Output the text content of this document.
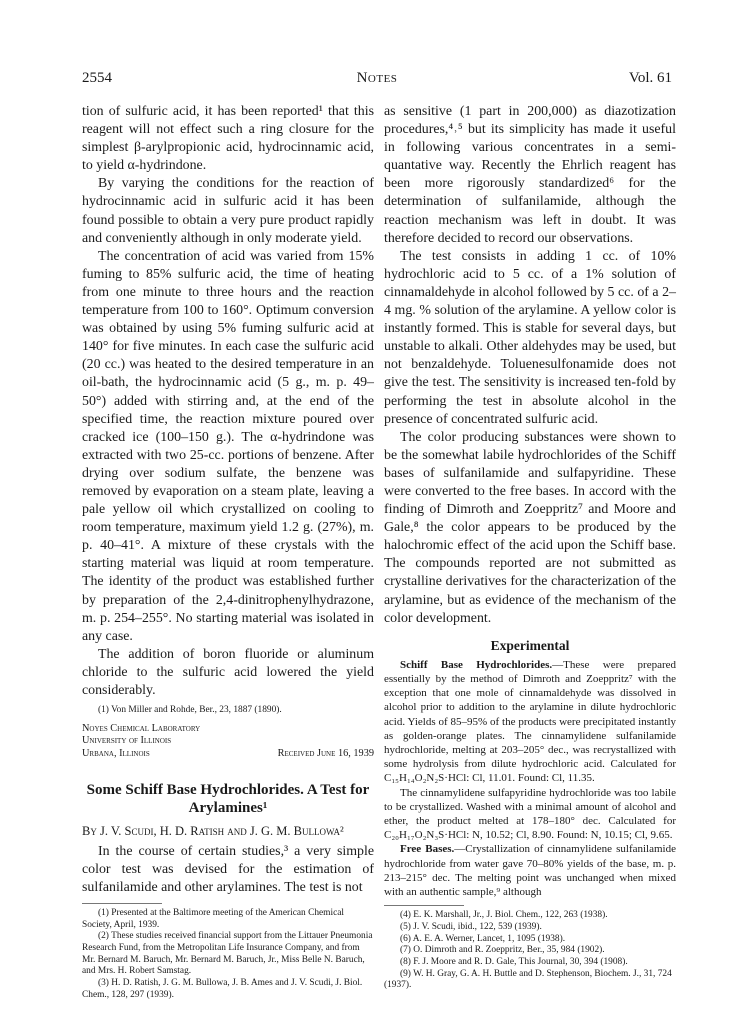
2554	Notes	Vol. 61

tion of sulfuric acid, it has been reported¹ that this reagent will not effect such a ring closure for the simplest β-arylpropionic acid, hydrocinnamic acid, to yield α-hydrindone.

By varying the conditions for the reaction of hydrocinnamic acid in sulfuric acid it has been found possible to obtain a very pure product rapidly and conveniently although in only moderate yield.

The concentration of acid was varied from 15% fuming to 85% sulfuric acid, the time of heating from one minute to three hours and the reaction temperature from 100 to 160°. Optimum conversion was obtained by using 5% fuming sulfuric acid at 140° for five minutes. In each case the sulfuric acid (20 cc.) was heated to the desired temperature in an oil-bath, the hydrocinnamic acid (5 g., m. p. 49–50°) added with stirring and, at the end of the specified time, the reaction mixture poured over cracked ice (100–150 g.). The α-hydrindone was extracted with two 25-cc. portions of benzene. After drying over sodium sulfate, the benzene was removed by evaporation on a steam plate, leaving a pale yellow oil which crystallized on cooling to room temperature, maximum yield 1.2 g. (27%), m. p. 40–41°. A mixture of these crystals with the starting material was liquid at room temperature. The identity of the product was established further by preparation of the 2,4-dinitrophenylhydrazone, m. p. 254–255°. No starting material was isolated in any case.

The addition of boron fluoride or aluminum chloride to the sulfuric acid lowered the yield considerably.

(1) Von Miller and Rohde, Ber., 23, 1887 (1890).

Noyes Chemical Laboratory
University of Illinois
Urbana, Illinois	Received June 16, 1939
Some Schiff Base Hydrochlorides. A Test for Arylamines¹
By J. V. Scudi, H. D. Ratish and J. G. M. Bullowa²

In the course of certain studies,³ a very simple color test was devised for the estimation of sulfanilamide and other arylamines. The test is not

(1) Presented at the Baltimore meeting of the American Chemical Society, April, 1939.

(2) These studies received financial support from the Littauer Pneumonia Research Fund, from the Metropolitan Life Insurance Company, and from Mr. Bernard M. Baruch, Mr. Bernard M. Baruch, Jr., Miss Belle N. Baruch, and Mrs. H. Robert Samstag.

(3) H. D. Ratish, J. G. M. Bullowa, J. B. Ames and J. V. Scudi, J. Biol. Chem., 128, 297 (1939).

as sensitive (1 part in 200,000) as diazotization procedures,⁴˒⁵ but its simplicity has made it useful in following various concentrates in a semi-quantative way. Recently the Ehrlich reagent has been more rigorously standardized⁶ for the determination of sulfanilamide, although the reaction mechanism was left in doubt. It was therefore decided to record our observations.

The test consists in adding 1 cc. of 10% hydrochloric acid to 5 cc. of a 1% solution of cinnamaldehyde in alcohol followed by 5 cc. of a 2–4 mg. % solution of the arylamine. A yellow color is instantly formed. This is stable for several days, but unstable to alkali. Other aldehydes may be used, but not benzaldehyde. Toluenesulfonamide does not give the test. The sensitivity is increased ten-fold by performing the test in absolute alcohol in the presence of concentrated sulfuric acid.

The color producing substances were shown to be the somewhat labile hydrochlorides of the Schiff bases of sulfanilamide and sulfapyridine. These were converted to the free bases. In accord with the finding of Dimroth and Zoeppritz⁷ and Moore and Gale,⁸ the color appears to be produced by the halochromic effect of the acid upon the Schiff base. The compounds reported are not submitted as crystalline derivatives for the characterization of the arylamine, but as evidence of the mechanism of the color development.

Experimental

Schiff Base Hydrochlorides.—These were prepared essentially by the method of Dimroth and Zoeppritz⁷ with the exception that one mole of cinnamaldehyde was dissolved in alcohol prior to addition to the arylamine in dilute hydrochloric acid. Yields of 85–95% of the products were precipitated instantly as golden-orange plates. The cinnamylidene sulfanilamide hydrochloride, melting at 203–205° dec., was recrystallized with some hydrolysis from dilute hydrochloric acid. Calculated for C₁₅H₁₄O₂N₂S·HCl: Cl, 11.01. Found: Cl, 11.35.

The cinnamylidene sulfapyridine hydrochloride was too labile to be crystallized. Washed with a minimal amount of alcohol and ether, the product melted at 178–180° dec. Calculated for C₂₀H₁₇O₂N₃S·HCl: N, 10.52; Cl, 8.90. Found: N, 10.15; Cl, 9.65.

Free Bases.—Crystallization of cinnamylidene sulfanilamide hydrochloride from water gave 70–80% yields of the base, m. p. 213–215° dec. The melting point was unchanged when mixed with an authentic sample,⁹ although

(4) E. K. Marshall, Jr., J. Biol. Chem., 122, 263 (1938).

(5) J. V. Scudi, ibid., 122, 539 (1939).

(6) A. E. A. Werner, Lancet, 1, 1095 (1938).

(7) O. Dimroth and R. Zoeppritz, Ber., 35, 984 (1902).

(8) F. J. Moore and R. D. Gale, This Journal, 30, 394 (1908).

(9) W. H. Gray, G. A. H. Buttle and D. Stephenson, Biochem. J., 31, 724 (1937).
